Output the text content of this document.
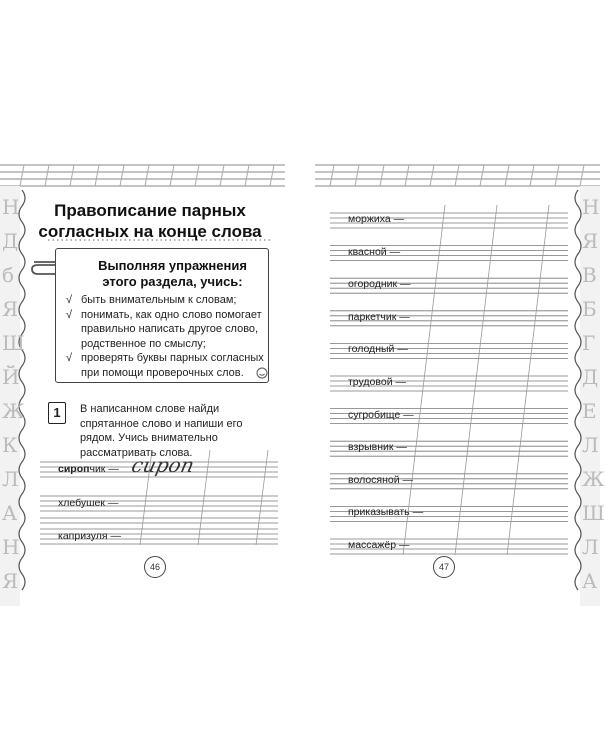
Н
Д
б
Я
Ш
Й
Ж
К
Л
А
Н
Я
Н
Я
В
Б
Г
Д
Е
Л
Ж
Ш
Л
А
Правописание парных
согласных на конце слова
Выполняя упражнения этого раздела, учись:
√ быть внимательным к словам;
√ понимать, как одно слово помогает правильно написать другое слово, родственное по смыслу;
√ проверять буквы парных согласных при помощи проверочных слов.
1	В написанном слове найди спрятанное слово и напиши его рядом. Учись внимательно рассматривать слова.
сиропчик — сироп
хлебушек —
капризуля —
46
моржиха —
квасной —
огородник —
паркетчик —
голодный —
трудовой —
сугробище —
взрывник —
волосяной —
приказывать —
массажёр —
47
